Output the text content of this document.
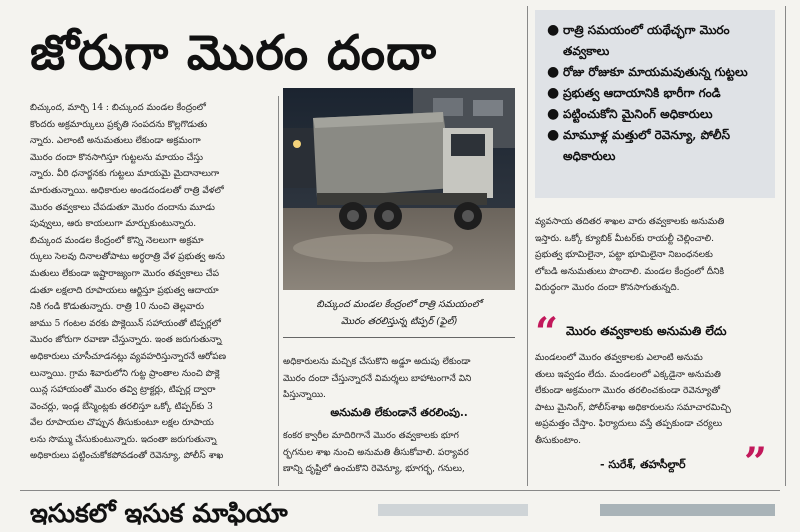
జోరుగా మొరం దందా	● రాత్రి సమయంలో యథేచ్ఛగా మొరం తవ్వకాలు
● రోజు రోజుకూ మాయమవుతున్న గుట్టలు
● ప్రభుత్వ ఆదాయానికి భారీగా గండి
● పట్టించుకోని మైనింగ్‌ అధికారులు
● మామూళ్ల మత్తులో రెవెన్యూ, పోలీస్‌ అధికారులు
బిచ్కుంద, మార్చి 14 : బిచ్కుంద మండల కేంద్రంలో
కొందరు అక్రమార్కులు ప్రకృతి సంపదను కొల్లగొడుతు
న్నారు. ఎలాంటి అనుమతులు లేకుండా అక్రమంగా
మొరం దందా కొనసాగిస్తూ గుట్టలను మాయం చేస్తు
న్నారు. వీరి ధనార్జనకు గుట్టలు మాయమై మైదానాలుగా
మారుతున్నాయి. అధికారుల అండదండలతో రాత్రి వేళలో
మొరం తవ్వకాలు చేపడుతూ మొరం దందాను మూడు
పువ్వులు, ఆరు కాయలుగా మార్చుకుంటున్నారు.
బిచ్కుంద మండల కేంద్రంలో కొన్ని నెలలుగా అక్రమా
ర్కులు సెలవు దినాలతోపాటు అర్ధరాత్రి వేళ ప్రభుత్వ అను
మతులు లేకుండా ఇష్టారాజ్యంగా మొరం తవ్వకాలు చేప
డుతూ లక్షలాది రూపాయలు ఆర్జిస్తూ ప్రభుత్వ ఆదాయా
నికి గండి కొడుతున్నారు. రాత్రి 10 నుంచి తెల్లవారు
జాము 5 గంటల వరకు పొక్లెయిన్‌ సహాయంతో టిప్పర్లలో
మొరం జోరుగా రవాణా చేస్తున్నారు. ఇంత జరుగుతున్నా
అధికారులు చూసీచూడనట్లు వ్యవహరిస్తున్నారనే ఆరోపణ
లున్నాయి. గ్రామ శివారులోని గుట్ట ప్రాంతాల నుంచి పొక్లె
యిన్ల సహాయంతో మొరం తవ్వి ట్రాక్టర్లు, టిప్పర్ల ద్వారా
వెంచర్లు, ఇండ్ల బేస్మెంట్లకు తరలిస్తూ ఒక్కో టిప్పర్‌కు 3
వేల రూపాయల చొప్పున తీసుకుంటూ లక్షల రూపాయ
లను సొమ్ము చేసుకుంటున్నారు. ఇదంతా జరుగుతున్నా
అధికారులు పట్టించుకోకపోవడంతో రెవెన్యూ, పోలీస్‌ శాఖ
బిచ్కుంద మండల కేంద్రంలో రాత్రి సమయంలో
మొరం తరలిస్తున్న టిప్పర్‌ (ఫైల్‌)
అధికారులను మచ్చిక చేసుకొని అడ్డూ అదుపు లేకుండా
మొరం దందా చేస్తున్నారనే విమర్శలు బాహాటంగానే విని
పిస్తున్నాయి.
అనుమతి లేకుండానే తరలింపు..
కంకర క్వారీల మాదిరిగానే మొరం తవ్వకాలకు భూగ
ర్భగనుల శాఖ నుంచి అనుమతి తీసుకోవాలి. పర్యావర
ణాన్ని దృష్టిలో ఉంచుకొని రెవెన్యూ, భూగర్భ, గనులు,
వ్యవసాయ తదితర శాఖల వారు తవ్వకాలకు అనుమతి
ఇస్తారు. ఒక్కో క్యూబిక్‌ మీటర్‌కు రాయల్టీ చెల్లించాలి.
ప్రభుత్వ భూమిలైనా, పట్టా భూమిలైనా నిబంధనలకు
లోబడి అనుమతులు పొందాలి. మండల కేంద్రంలో దీనికి
విరుద్ధంగా మొరం దందా కొనసాగుతున్నది.
“ మొరం తవ్వకాలకు అనుమతి లేదు
మండలంలో మొరం తవ్వకాలకు ఎలాంటి అనుమ
తులు ఇవ్వడం లేదు. మండలంలో ఎక్కడైనా అనుమతి
లేకుండా అక్రమంగా మొరం తరలించకుండా రెవెన్యూతో
పాటు మైనింగ్‌, పోలీస్‌శాఖ అధికారులను సమాచారమిచ్చి
అప్రమత్తం చేస్తాం. ఫిర్యాదులు వస్తే తప్పకుండా చర్యలు
తీసుకుంటాం.
- సురేశ్‌, తహసీల్దార్‌	”
ఇసుకలో ఇసుక మాఫియా
